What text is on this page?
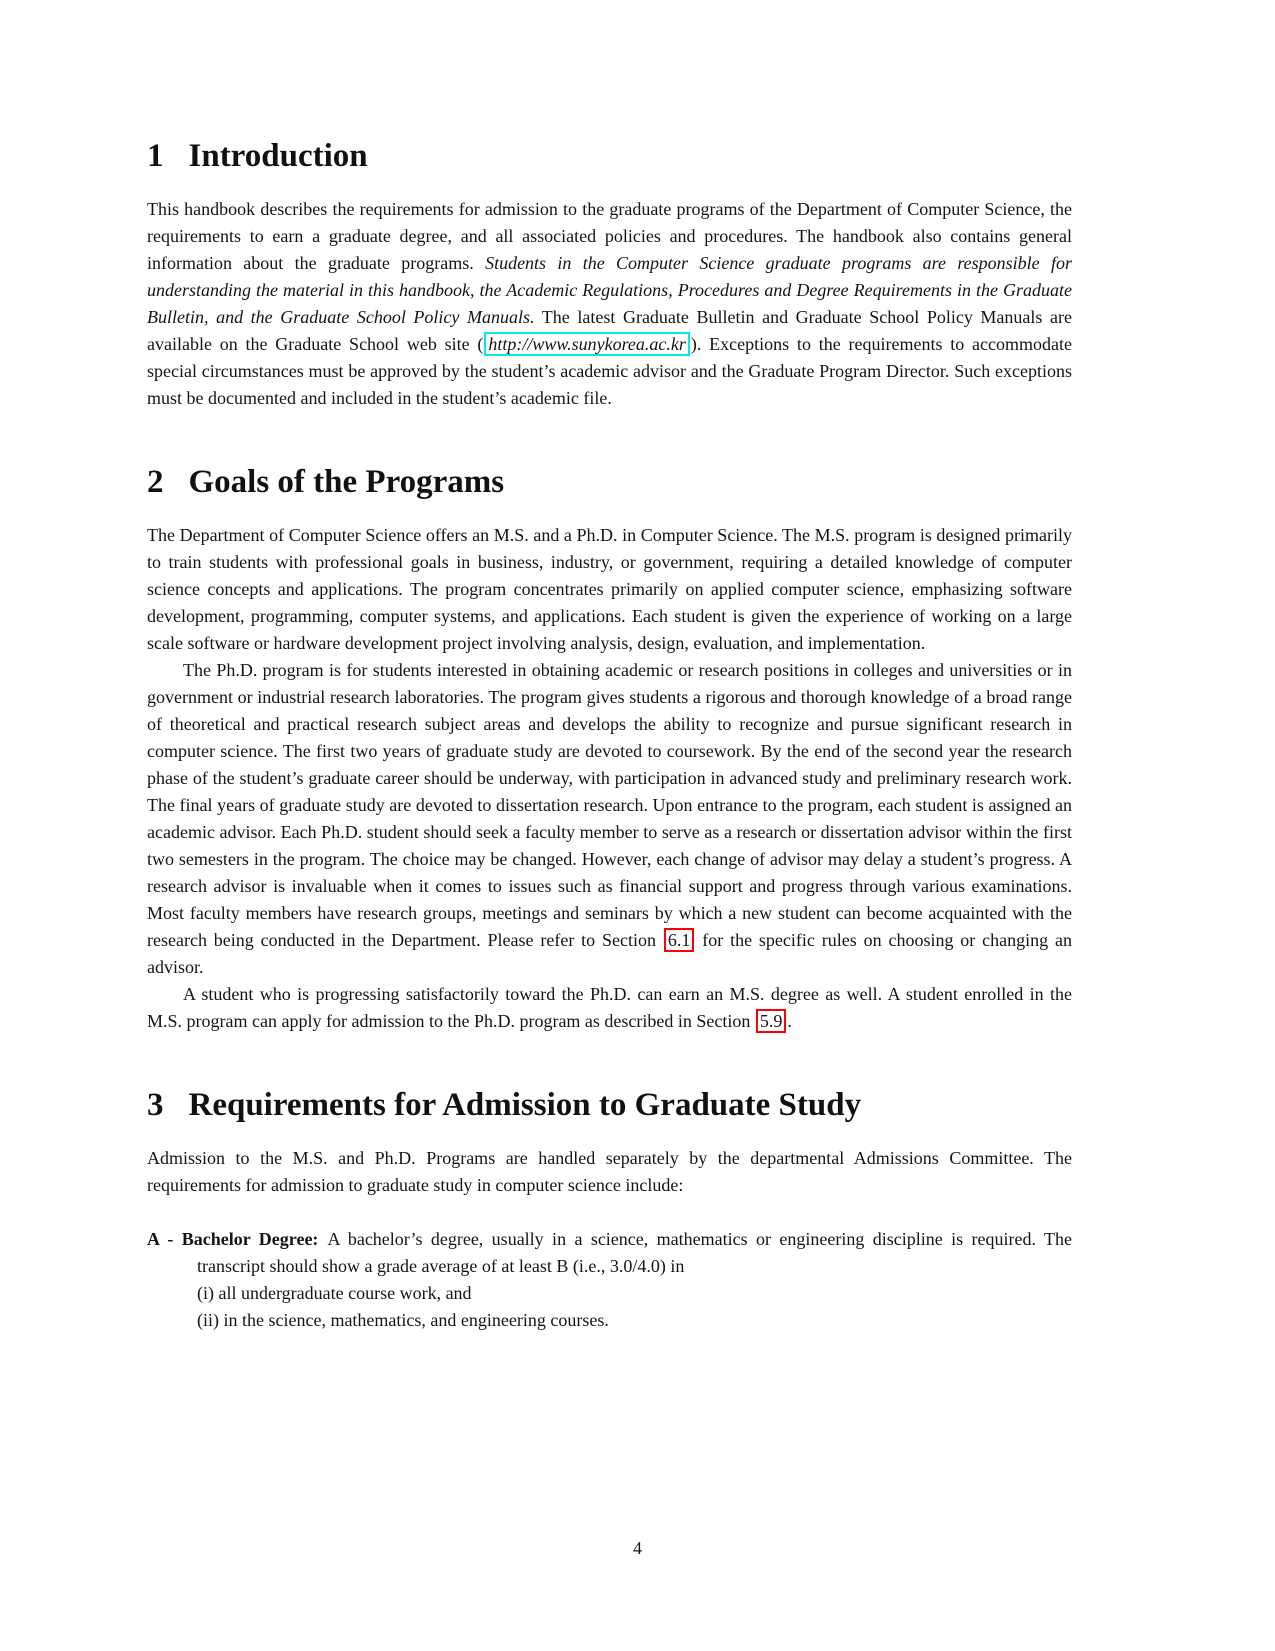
1 Introduction

This handbook describes the requirements for admission to the graduate programs of the Department of Computer Science, the requirements to earn a graduate degree, and all associated policies and procedures. The handbook also contains general information about the graduate programs. Students in the Computer Science graduate programs are responsible for understanding the material in this handbook, the Academic Regulations, Procedures and Degree Requirements in the Graduate Bulletin, and the Graduate School Policy Manuals. The latest Graduate Bulletin and Graduate School Policy Manuals are available on the Graduate School web site ( http://www.sunykorea.ac.kr ). Exceptions to the requirements to accommodate special circumstances must be approved by the student’s academic advisor and the Graduate Program Director. Such exceptions must be documented and included in the student’s academic file.

2 Goals of the Programs

The Department of Computer Science offers an M.S. and a Ph.D. in Computer Science. The M.S. program is designed primarily to train students with professional goals in business, industry, or government, requiring a detailed knowledge of computer science concepts and applications. The program concentrates primarily on applied computer science, emphasizing software development, programming, computer systems, and applications. Each student is given the experience of working on a large scale software or hardware development project involving analysis, design, evaluation, and implementation.

The Ph.D. program is for students interested in obtaining academic or research positions in colleges and universities or in government or industrial research laboratories. The program gives students a rigorous and thorough knowledge of a broad range of theoretical and practical research subject areas and develops the ability to recognize and pursue significant research in computer science. The first two years of graduate study are devoted to coursework. By the end of the second year the research phase of the student’s graduate career should be underway, with participation in advanced study and preliminary research work. The final years of graduate study are devoted to dissertation research. Upon entrance to the program, each student is assigned an academic advisor. Each Ph.D. student should seek a faculty member to serve as a research or dissertation advisor within the first two semesters in the program. The choice may be changed. However, each change of advisor may delay a student’s progress. A research advisor is invaluable when it comes to issues such as financial support and progress through various examinations. Most faculty members have research groups, meetings and seminars by which a new student can become acquainted with the research being conducted in the Department. Please refer to Section 6.1 for the specific rules on choosing or changing an advisor.

A student who is progressing satisfactorily toward the Ph.D. can earn an M.S. degree as well. A student enrolled in the M.S. program can apply for admission to the Ph.D. program as described in Section 5.9 .

3 Requirements for Admission to Graduate Study

Admission to the M.S. and Ph.D. Programs are handled separately by the departmental Admissions Committee. The requirements for admission to graduate study in computer science include:

A - Bachelor Degree: A bachelor’s degree, usually in a science, mathematics or engineering discipline is required. The transcript should show a grade average of at least B (i.e., 3.0/4.0) in
(i) all undergraduate course work, and
(ii) in the science, mathematics, and engineering courses.

4
